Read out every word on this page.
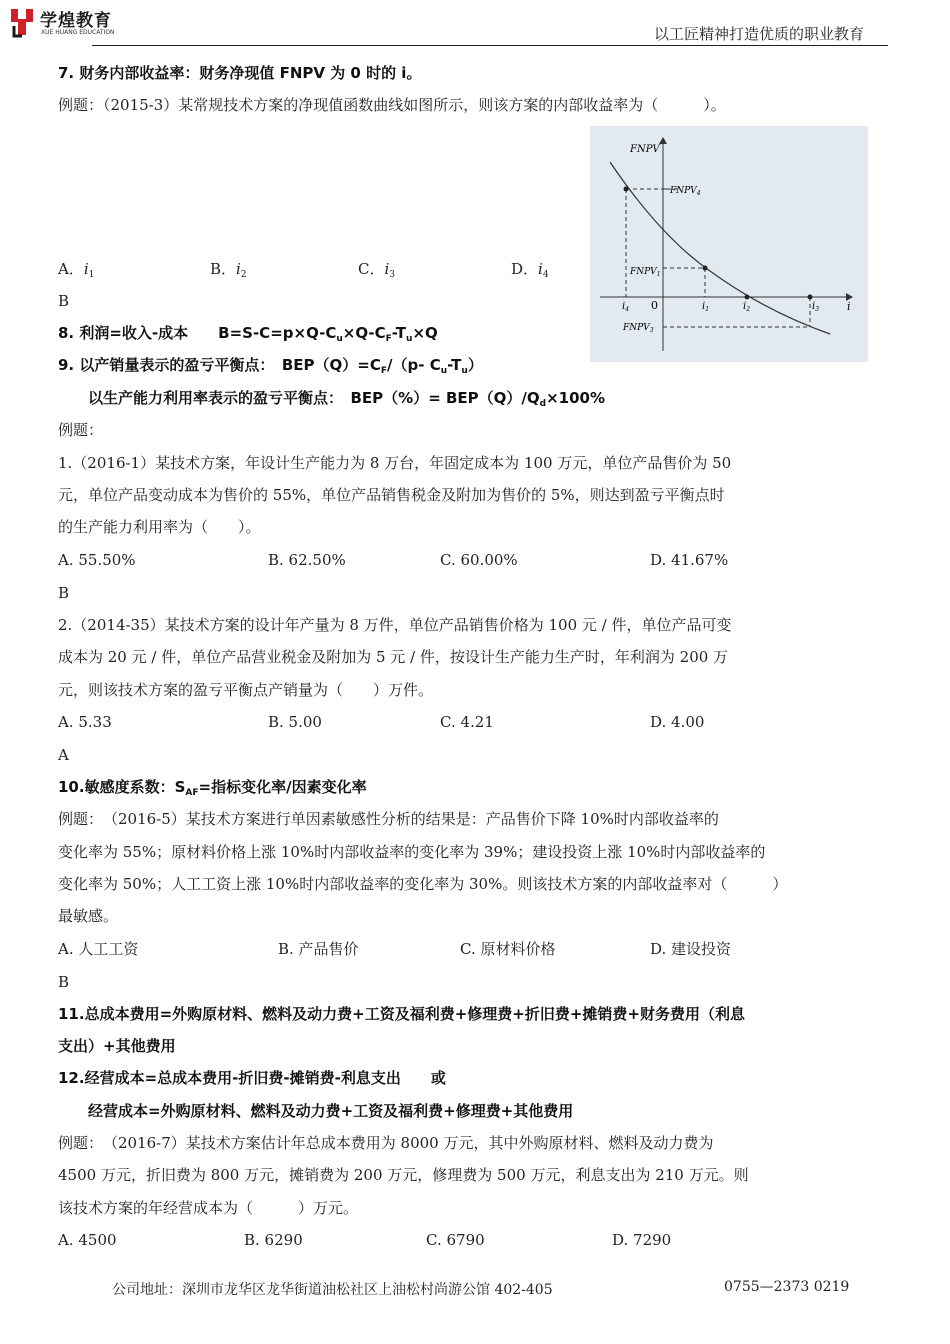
学煌教育
XUE HUANG EDUCATION	以工匠精神打造优质的职业教育
7. 财务内部收益率：财务净现值 FNPV 为 0 时的 i。
例题：（2015-3）某常规技术方案的净现值函数曲线如图所示，则该方案的内部收益率为（　　　）。
A．$i_1$	B．$i_2$	C．$i_3$	D．$i_4$
B
FNPV
i
0
$FNPV_4$
$FNPV_1$
$FNPV_3$
$i_4$	$i_1$	$i_2$	$i_3$
8. 利润=收入-成本　　$B=S-C=p\times Q-C_u\times Q-C_F-T_u\times Q$
9. 以产销量表示的盈亏平衡点：　$BEP(Q)=C_F/(p-$ $C_u-T_u$）
以生产能力利用率表示的盈亏平衡点：　$BEP(\%)= BEP(Q)/Q_d\times 100\%$
例题：
1.（2016-1）某技术方案，年设计生产能力为 8 万台，年固定成本为 100 万元，单位产品售价为 50
元，单位产品变动成本为售价的 55%，单位产品销售税金及附加为售价的 5%，则达到盈亏平衡点时
的生产能力利用率为（　　）。
A. 55.50%	B. 62.50%	C. 60.00%	D. 41.67%
B
2.（2014-35）某技术方案的设计年产量为 8 万件，单位产品销售价格为 100 元 / 件，单位产品可变
成本为 20 元 / 件，单位产品营业税金及附加为 5 元 / 件，按设计生产能力生产时，年利润为 200 万
元，则该技术方案的盈亏平衡点产销量为（　　）万件。
A. 5.33	B. 5.00	C. 4.21	D. 4.00
A
10.敏感度系数：$S_{AF}=$指标变化率/因素变化率
例题：　（2016-5）某技术方案进行单因素敏感性分析的结果是：产品售价下降 10%时内部收益率的
变化率为 55%；原材料价格上涨 10%时内部收益率的变化率为 39%；建设投资上涨 10%时内部收益率的
变化率为 50%；人工工资上涨 10%时内部收益率的变化率为 30%。则该技术方案的内部收益率对（　　　）
最敏感。
A. 人工工资	B. 产品售价	C. 原材料价格	D. 建设投资
B
11.总成本费用=外购原材料、燃料及动力费+工资及福利费+修理费+折旧费+摊销费+财务费用（利息
支出）+其他费用
12.经营成本=总成本费用-折旧费-摊销费-利息支出　　或
经营成本=外购原材料、燃料及动力费+工资及福利费+修理费+其他费用
例题：　（2016-7）某技术方案估计年总成本费用为 8000 万元，其中外购原材料、燃料及动力费为
4500 万元，折旧费为 800 万元，摊销费为 200 万元，修理费为 500 万元，利息支出为 210 万元。则
该技术方案的年经营成本为（　　　）万元。
A. 4500	B. 6290	C. 6790	D. 7290
公司地址：深圳市龙华区龙华街道油松社区上油松村尚游公馆 402-405	0755—2373 0219
